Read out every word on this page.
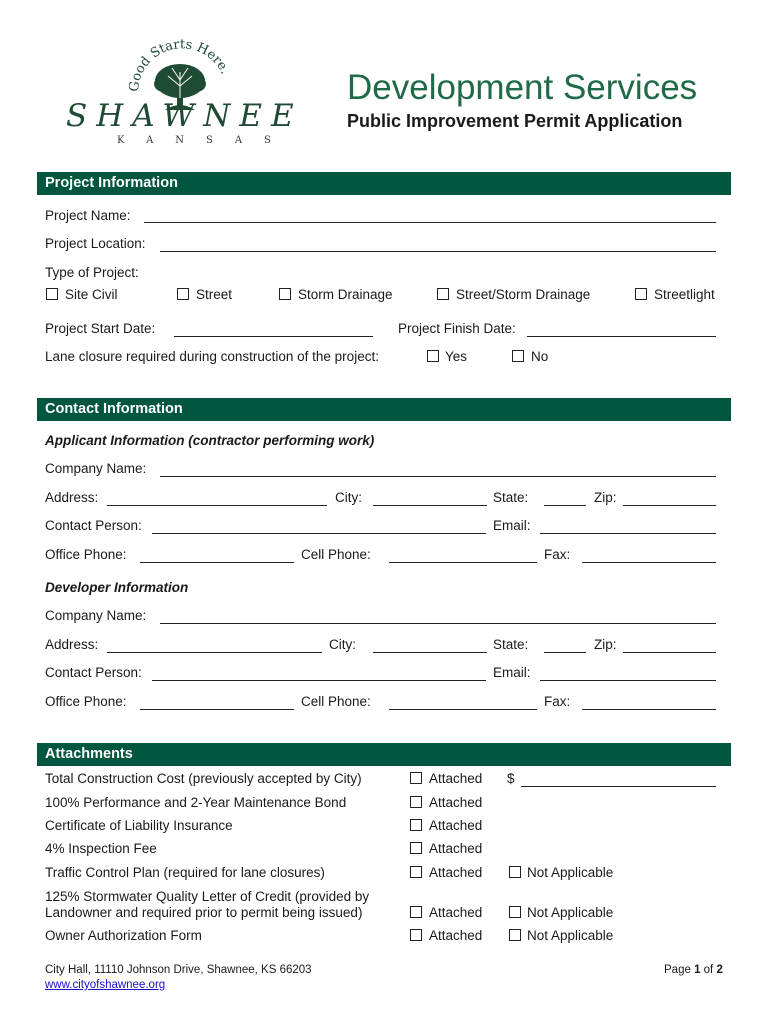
Good Starts Here.
SHAWNEE
KANSAS
Development Services
Public Improvement Permit Application
Project Information
Project Name:
Project Location:
Type of Project:
Site Civil	Street	Storm Drainage	Street/Storm Drainage	Streetlight
Project Start Date:	Project Finish Date:
Lane closure required during construction of the project:	Yes	No
Contact Information
Applicant Information (contractor performing work)
Company Name:
Address:	City:	State:	Zip:
Contact Person:	Email:
Office Phone:	Cell Phone:	Fax:
Developer Information
Company Name:
Address:	City:	State:	Zip:
Contact Person:	Email:
Office Phone:	Cell Phone:	Fax:
Attachments
Total Construction Cost (previously accepted by City)	Attached $
100% Performance and 2-Year Maintenance Bond	Attached
Certificate of Liability Insurance	Attached
4% Inspection Fee	Attached
Traffic Control Plan (required for lane closures)	Attached	Not Applicable
125% Stormwater Quality Letter of Credit (provided by
Landowner and required prior to permit being issued)	Attached	Not Applicable
Owner Authorization Form	Attached	Not Applicable
City Hall, 11110 Johnson Drive, Shawnee, KS 66203
www.cityofshawnee.org
Page 1 of 2
